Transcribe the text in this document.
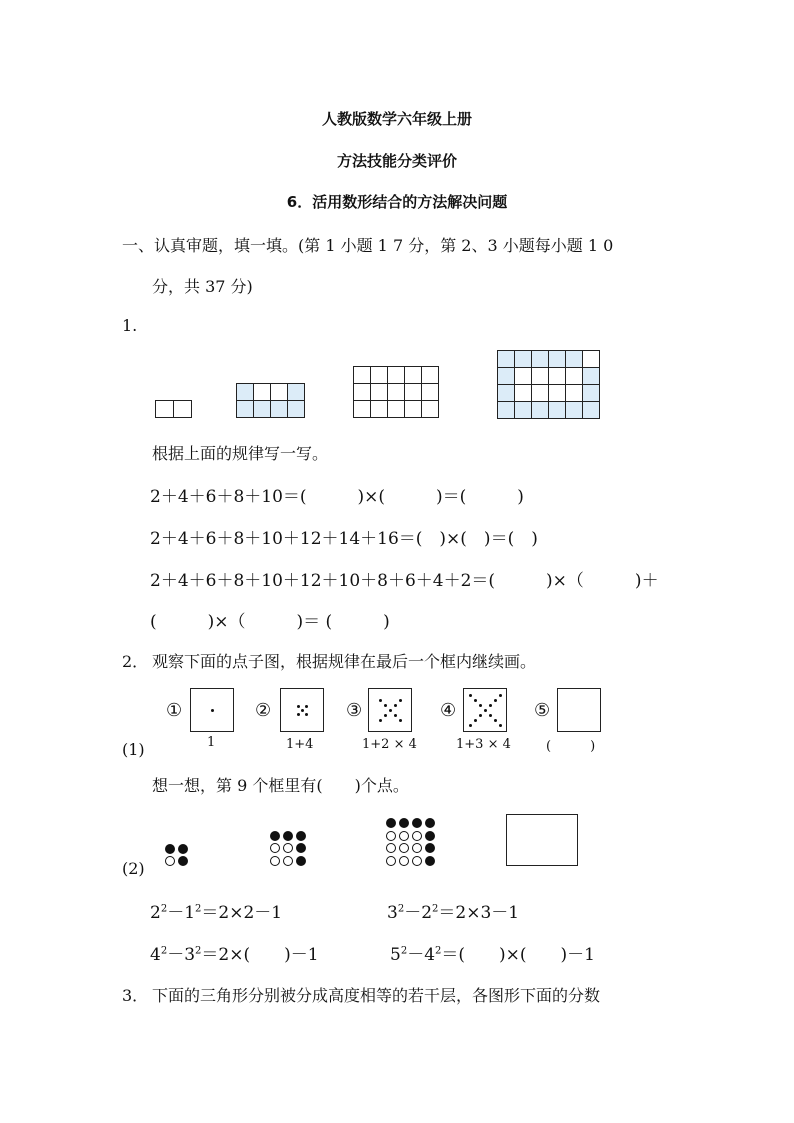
人教版数学六年级上册
方法技能分类评价
6．活用数形结合的方法解决问题
一、认真审题，填一填。(第 1 小题 1 7 分，第 2、3 小题每小题 1 0
分，共 37 分)
1.

根据上面的规律写一写。
2＋4＋6＋8＋10＝(　　　)×(　　　)＝(　　　)
2＋4＋6＋8＋10＋12＋14＋16＝(　)×(　)＝(　)
2＋4＋6＋8＋10＋12＋10＋8＋6＋4＋2＝(　　　)×（　　　)＋
(　　　)×（　　　)＝ (　　　)
2． 观察下面的点子图，根据规律在最后一个框内继续画。
①	②	③	④	⑤
(1)	1	1+4	1+2 × 4	1+3 × 4	(　　　)
想一想，第 9 个框里有(　　)个点。
(2)
$2^2-1^2=2\times 2-1$	$3^2-2^2=2\times 3-1$
$4^2-3^2=2\times$(　　)－1	$5^2-4^2=$(　　)×(　　)－1
3． 下面的三角形分别被分成高度相等的若干层，各图形下面的分数
